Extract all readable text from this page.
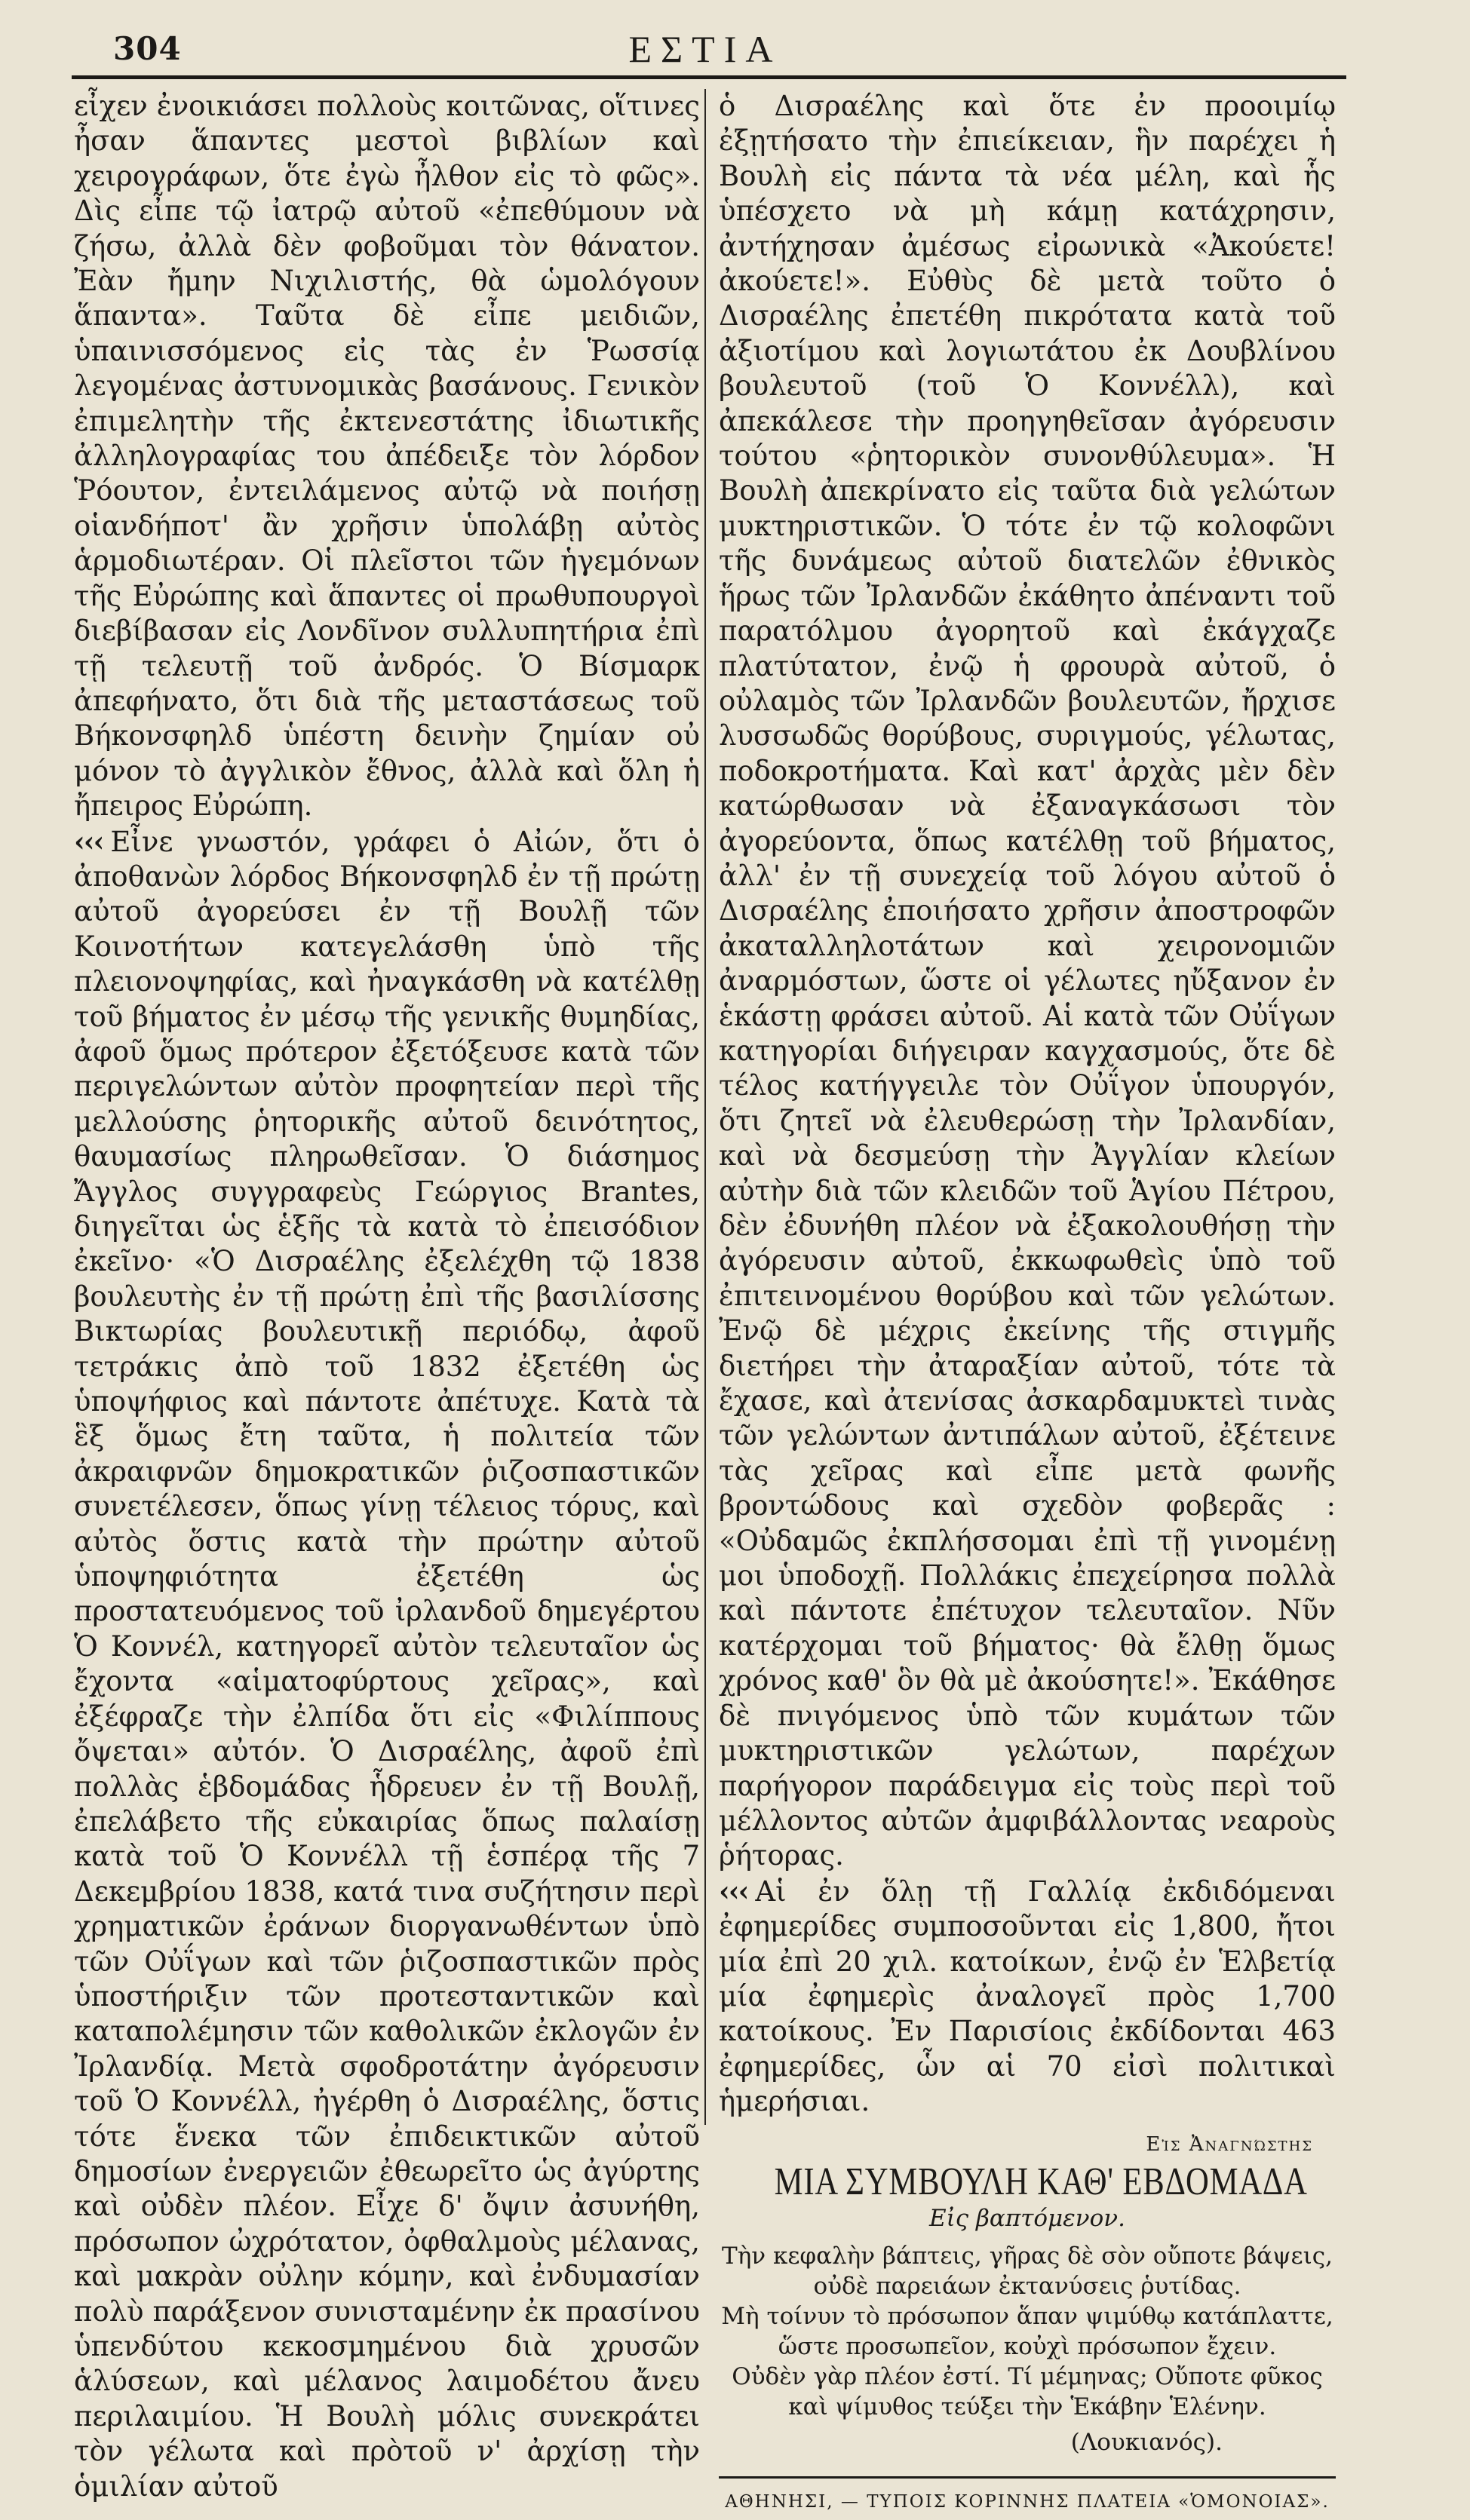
304	ΕΣΤΙΑ

εἶχεν ἐνοικιάσει πολλοὺς κοιτῶνας, οἵτινες ἦσαν ἅπαντες μεστοὶ βιβλίων καὶ χειρογράφων, ὅτε ἐγὼ ἦλθον εἰς τὸ φῶς». Δὶς εἶπε τῷ ἰατρῷ αὐτοῦ «ἐπεθύμουν νὰ ζήσω, ἀλλὰ δὲν φοβοῦμαι τὸν θάνατον. Ἐὰν ἤμην Νιχιλιστής, θὰ ὡμολόγουν ἅπαντα». Ταῦτα δὲ εἶπε μειδιῶν, ὑπαινισσόμενος εἰς τὰς ἐν Ῥωσσίᾳ λεγομένας ἀστυνομικὰς βασάνους. Γενικὸν ἐπιμελητὴν τῆς ἐκτενεστάτης ἰδιωτικῆς ἀλληλογραφίας του ἀπέδειξε τὸν λόρδον Ῥόουτον, ἐντειλάμενος αὐτῷ νὰ ποιήσῃ οἱανδήποτ' ἂν χρῆσιν ὑπολάβῃ αὐτὸς ἁρμοδιωτέραν. Οἱ πλεῖστοι τῶν ἡγεμόνων τῆς Εὐρώπης καὶ ἅπαντες οἱ πρωθυπουργοὶ διεβίβασαν εἰς Λονδῖνον συλλυπητήρια ἐπὶ τῇ τελευτῇ τοῦ ἀνδρός. Ὁ Βίσμαρκ ἀπεφήνατο, ὅτι διὰ τῆς μεταστάσεως τοῦ Βήκονσφηλδ ὑπέστη δεινὴν ζημίαν οὐ μόνον τὸ ἀγγλικὸν ἔθνος, ἀλλὰ καὶ ὅλη ἡ ἤπειρος Εὐρώπη.

‹‹‹ Εἶνε γνωστόν, γράφει ὁ Αἰών, ὅτι ὁ ἀποθανὼν λόρδος Βήκονσφηλδ ἐν τῇ πρώτῃ αὐτοῦ ἀγορεύσει ἐν τῇ Βουλῇ τῶν Κοινοτήτων κατεγελάσθη ὑπὸ τῆς πλειονοψηφίας, καὶ ἠναγκάσθη νὰ κατέλθῃ τοῦ βήματος ἐν μέσῳ τῆς γενικῆς θυμηδίας, ἀφοῦ ὅμως πρότερον ἐξετόξευσε κατὰ τῶν περιγελώντων αὐτὸν προφητείαν περὶ τῆς μελλούσης ῥητορικῆς αὐτοῦ δεινότητος, θαυμασίως πληρωθεῖσαν. Ὁ διάσημος Ἄγγλος συγγραφεὺς Γεώργιος Brantes, διηγεῖται ὡς ἑξῆς τὰ κατὰ τὸ ἐπεισόδιον ἐκεῖνο· «Ὁ Δισραέλης ἐξελέχθη τῷ 1838 βουλευτὴς ἐν τῇ πρώτῃ ἐπὶ τῆς βασιλίσσης Βικτωρίας βουλευτικῇ περιόδῳ, ἀφοῦ τετράκις ἀπὸ τοῦ 1832 ἐξετέθη ὡς ὑποψήφιος καὶ πάντοτε ἀπέτυχε. Κατὰ τὰ ἓξ ὅμως ἔτη ταῦτα, ἡ πολιτεία τῶν ἀκραιφνῶν δημοκρατικῶν ῥιζοσπαστικῶν συνετέλεσεν, ὅπως γίνῃ τέλειος τόρυς, καὶ αὐτὸς ὅστις κατὰ τὴν πρώτην αὐτοῦ ὑποψηφιότητα ἐξετέθη ὡς προστατευόμενος τοῦ ἰρλανδοῦ δημεγέρτου Ὁ Κοννέλ, κατηγορεῖ αὐτὸν τελευταῖον ὡς ἔχοντα «αἱματοφύρτους χεῖρας», καὶ ἐξέφραζε τὴν ἐλπίδα ὅτι εἰς «Φιλίππους ὄψεται» αὐτόν. Ὁ Δισραέλης, ἀφοῦ ἐπὶ πολλὰς ἑβδομάδας ἧδρευεν ἐν τῇ Βουλῇ, ἐπελάβετο τῆς εὐκαιρίας ὅπως παλαίσῃ κατὰ τοῦ Ὁ Κοννέλλ τῇ ἑσπέρᾳ τῆς 7 Δεκεμβρίου 1838, κατά τινα συζήτησιν περὶ χρηματικῶν ἐράνων διοργανωθέντων ὑπὸ τῶν Οὐΐγων καὶ τῶν ῥιζοσπαστικῶν πρὸς ὑποστήριξιν τῶν προτεσταντικῶν καὶ καταπολέμησιν τῶν καθολικῶν ἐκλογῶν ἐν Ἰρλανδίᾳ. Μετὰ σφοδροτάτην ἀγόρευσιν τοῦ Ὁ Κοννέλλ, ἠγέρθη ὁ Δισραέλης, ὅστις τότε ἕνεκα τῶν ἐπιδεικτικῶν αὐτοῦ δημοσίων ἐνεργειῶν ἐθεωρεῖτο ὡς ἀγύρτης καὶ οὐδὲν πλέον. Εἶχε δ' ὄψιν ἀσυνήθη, πρόσωπον ὠχρότατον, ὀφθαλμοὺς μέλανας, καὶ μακρὰν οὐλην κόμην, καὶ ἐνδυμασίαν πολὺ παράξενον συνισταμένην ἐκ πρασίνου ὑπενδύτου κεκοσμημένου διὰ χρυσῶν ἁλύσεων, καὶ μέλανος λαιμοδέτου ἄνευ περιλαιμίου. Ἡ Βουλὴ μόλις συνεκράτει τὸν γέλωτα καὶ πρὸτοῦ ν' ἀρχίσῃ τὴν ὁμιλίαν αὐτοῦ

ὁ Δισραέλης καὶ ὅτε ἐν προοιμίῳ ἐξῃτήσατο τὴν ἐπιείκειαν, ἣν παρέχει ἡ Βουλὴ εἰς πάντα τὰ νέα μέλη, καὶ ἧς ὑπέσχετο νὰ μὴ κάμῃ κατάχρησιν, ἀντήχησαν ἀμέσως εἰρωνικὰ «Ἀκούετε! ἀκούετε!». Εὐθὺς δὲ μετὰ τοῦτο ὁ Δισραέλης ἐπετέθη πικρότατα κατὰ τοῦ ἀξιοτίμου καὶ λογιωτάτου ἐκ Δουβλίνου βουλευτοῦ (τοῦ Ὁ Κοννέλλ), καὶ ἀπεκάλεσε τὴν προηγηθεῖσαν ἀγόρευσιν τούτου «ῥητορικὸν συνονθύλευμα». Ἡ Βουλὴ ἀπεκρίνατο εἰς ταῦτα διὰ γελώτων μυκτηριστικῶν. Ὁ τότε ἐν τῷ κολοφῶνι τῆς δυνάμεως αὐτοῦ διατελῶν ἐθνικὸς ἥρως τῶν Ἰρλανδῶν ἐκάθητο ἀπέναντι τοῦ παρατόλμου ἀγορητοῦ καὶ ἐκάγχαζε πλατύτατον, ἐνῷ ἡ φρουρὰ αὐτοῦ, ὁ οὐλαμὸς τῶν Ἰρλανδῶν βουλευτῶν, ἤρχισε λυσσωδῶς θορύβους, συριγμούς, γέλωτας, ποδοκροτήματα. Καὶ κατ' ἀρχὰς μὲν δὲν κατώρθωσαν νὰ ἐξαναγκάσωσι τὸν ἀγορεύοντα, ὅπως κατέλθῃ τοῦ βήματος, ἀλλ' ἐν τῇ συνεχείᾳ τοῦ λόγου αὐτοῦ ὁ Δισραέλης ἐποιήσατο χρῆσιν ἀποστροφῶν ἀκαταλληλοτάτων καὶ χειρονομιῶν ἀναρμόστων, ὥστε οἱ γέλωτες ηὔξανον ἐν ἑκάστῃ φράσει αὐτοῦ. Αἱ κατὰ τῶν Οὐΐγων κατηγορίαι διήγειραν καγχασμούς, ὅτε δὲ τέλος κατήγγειλε τὸν Οὐΐγον ὑπουργόν, ὅτι ζητεῖ νὰ ἐλευθερώσῃ τὴν Ἰρλανδίαν, καὶ νὰ δεσμεύσῃ τὴν Ἀγγλίαν κλείων αὐτὴν διὰ τῶν κλειδῶν τοῦ Ἁγίου Πέτρου, δὲν ἐδυνήθη πλέον νὰ ἐξακολουθήσῃ τὴν ἀγόρευσιν αὐτοῦ, ἐκκωφωθεὶς ὑπὸ τοῦ ἐπιτεινομένου θορύβου καὶ τῶν γελώτων. Ἐνῷ δὲ μέχρις ἐκείνης τῆς στιγμῆς διετήρει τὴν ἀταραξίαν αὐτοῦ, τότε τὰ ἔχασε, καὶ ἀτενίσας ἀσκαρδαμυκτεὶ τινὰς τῶν γελώντων ἀντιπάλων αὐτοῦ, ἐξέτεινε τὰς χεῖρας καὶ εἶπε μετὰ φωνῆς βροντώδους καὶ σχεδὸν φοβερᾶς : «Οὐδαμῶς ἐκπλήσσομαι ἐπὶ τῇ γινομένῃ μοι ὑποδοχῇ. Πολλάκις ἐπεχείρησα πολλὰ καὶ πάντοτε ἐπέτυχον τελευταῖον. Νῦν κατέρχομαι τοῦ βήματος· θὰ ἔλθῃ ὅμως χρόνος καθ' ὃν θὰ μὲ ἀκούσητε!». Ἐκάθησε δὲ πνιγόμενος ὑπὸ τῶν κυμάτων τῶν μυκτηριστικῶν γελώτων, παρέχων παρήγορον παράδειγμα εἰς τοὺς περὶ τοῦ μέλλοντος αὐτῶν ἀμφιβάλλοντας νεαροὺς ῥήτορας.

‹‹‹ Αἱ ἐν ὅλῃ τῇ Γαλλίᾳ ἐκδιδόμεναι ἐφημερίδες συμποσοῦνται εἰς 1,800, ἤτοι μία ἐπὶ 20 χιλ. κατοίκων, ἐνῷ ἐν Ἑλβετίᾳ μία ἐφημερὶς ἀναλογεῖ πρὸς 1,700 κατοίκους. Ἐν Παρισίοις ἐκδίδονται 463 ἐφημερίδες, ὧν αἱ 70 εἰσὶ πολιτικαὶ ἡμερήσιαι.

Εἰς Ἀναγνώστης
ΜΙΑ ΣΥΜΒΟΥΛΗ ΚΑΘ' ΕΒΔΟΜΑΔΑ
Εἰς βαπτόμενον.
Τὴν κεφαλὴν βάπτεις, γῆρας δὲ σὸν οὔποτε βάψεις,
οὐδὲ παρειάων ἐκτανύσεις ῥυτίδας.
Μὴ τοίνυν τὸ πρόσωπον ἅπαν ψιμύθῳ κατάπλαττε,
ὥστε προσωπεῖον, κοὐχὶ πρόσωπον ἔχειν.
Οὐδὲν γὰρ πλέον ἐστί. Τί μέμηνας; Οὔποτε φῦκος
καὶ ψίμυθος τεύξει τὴν Ἑκάβην Ἑλένην.
(Λουκιανός).
ΑΘΗΝΗΣΙ, — ΤΥΠΟΙΣ ΚΟΡΙΝΝΗΣ ΠΛΑΤΕΙΑ «ὉΜΟΝΟΙΑΣ».
